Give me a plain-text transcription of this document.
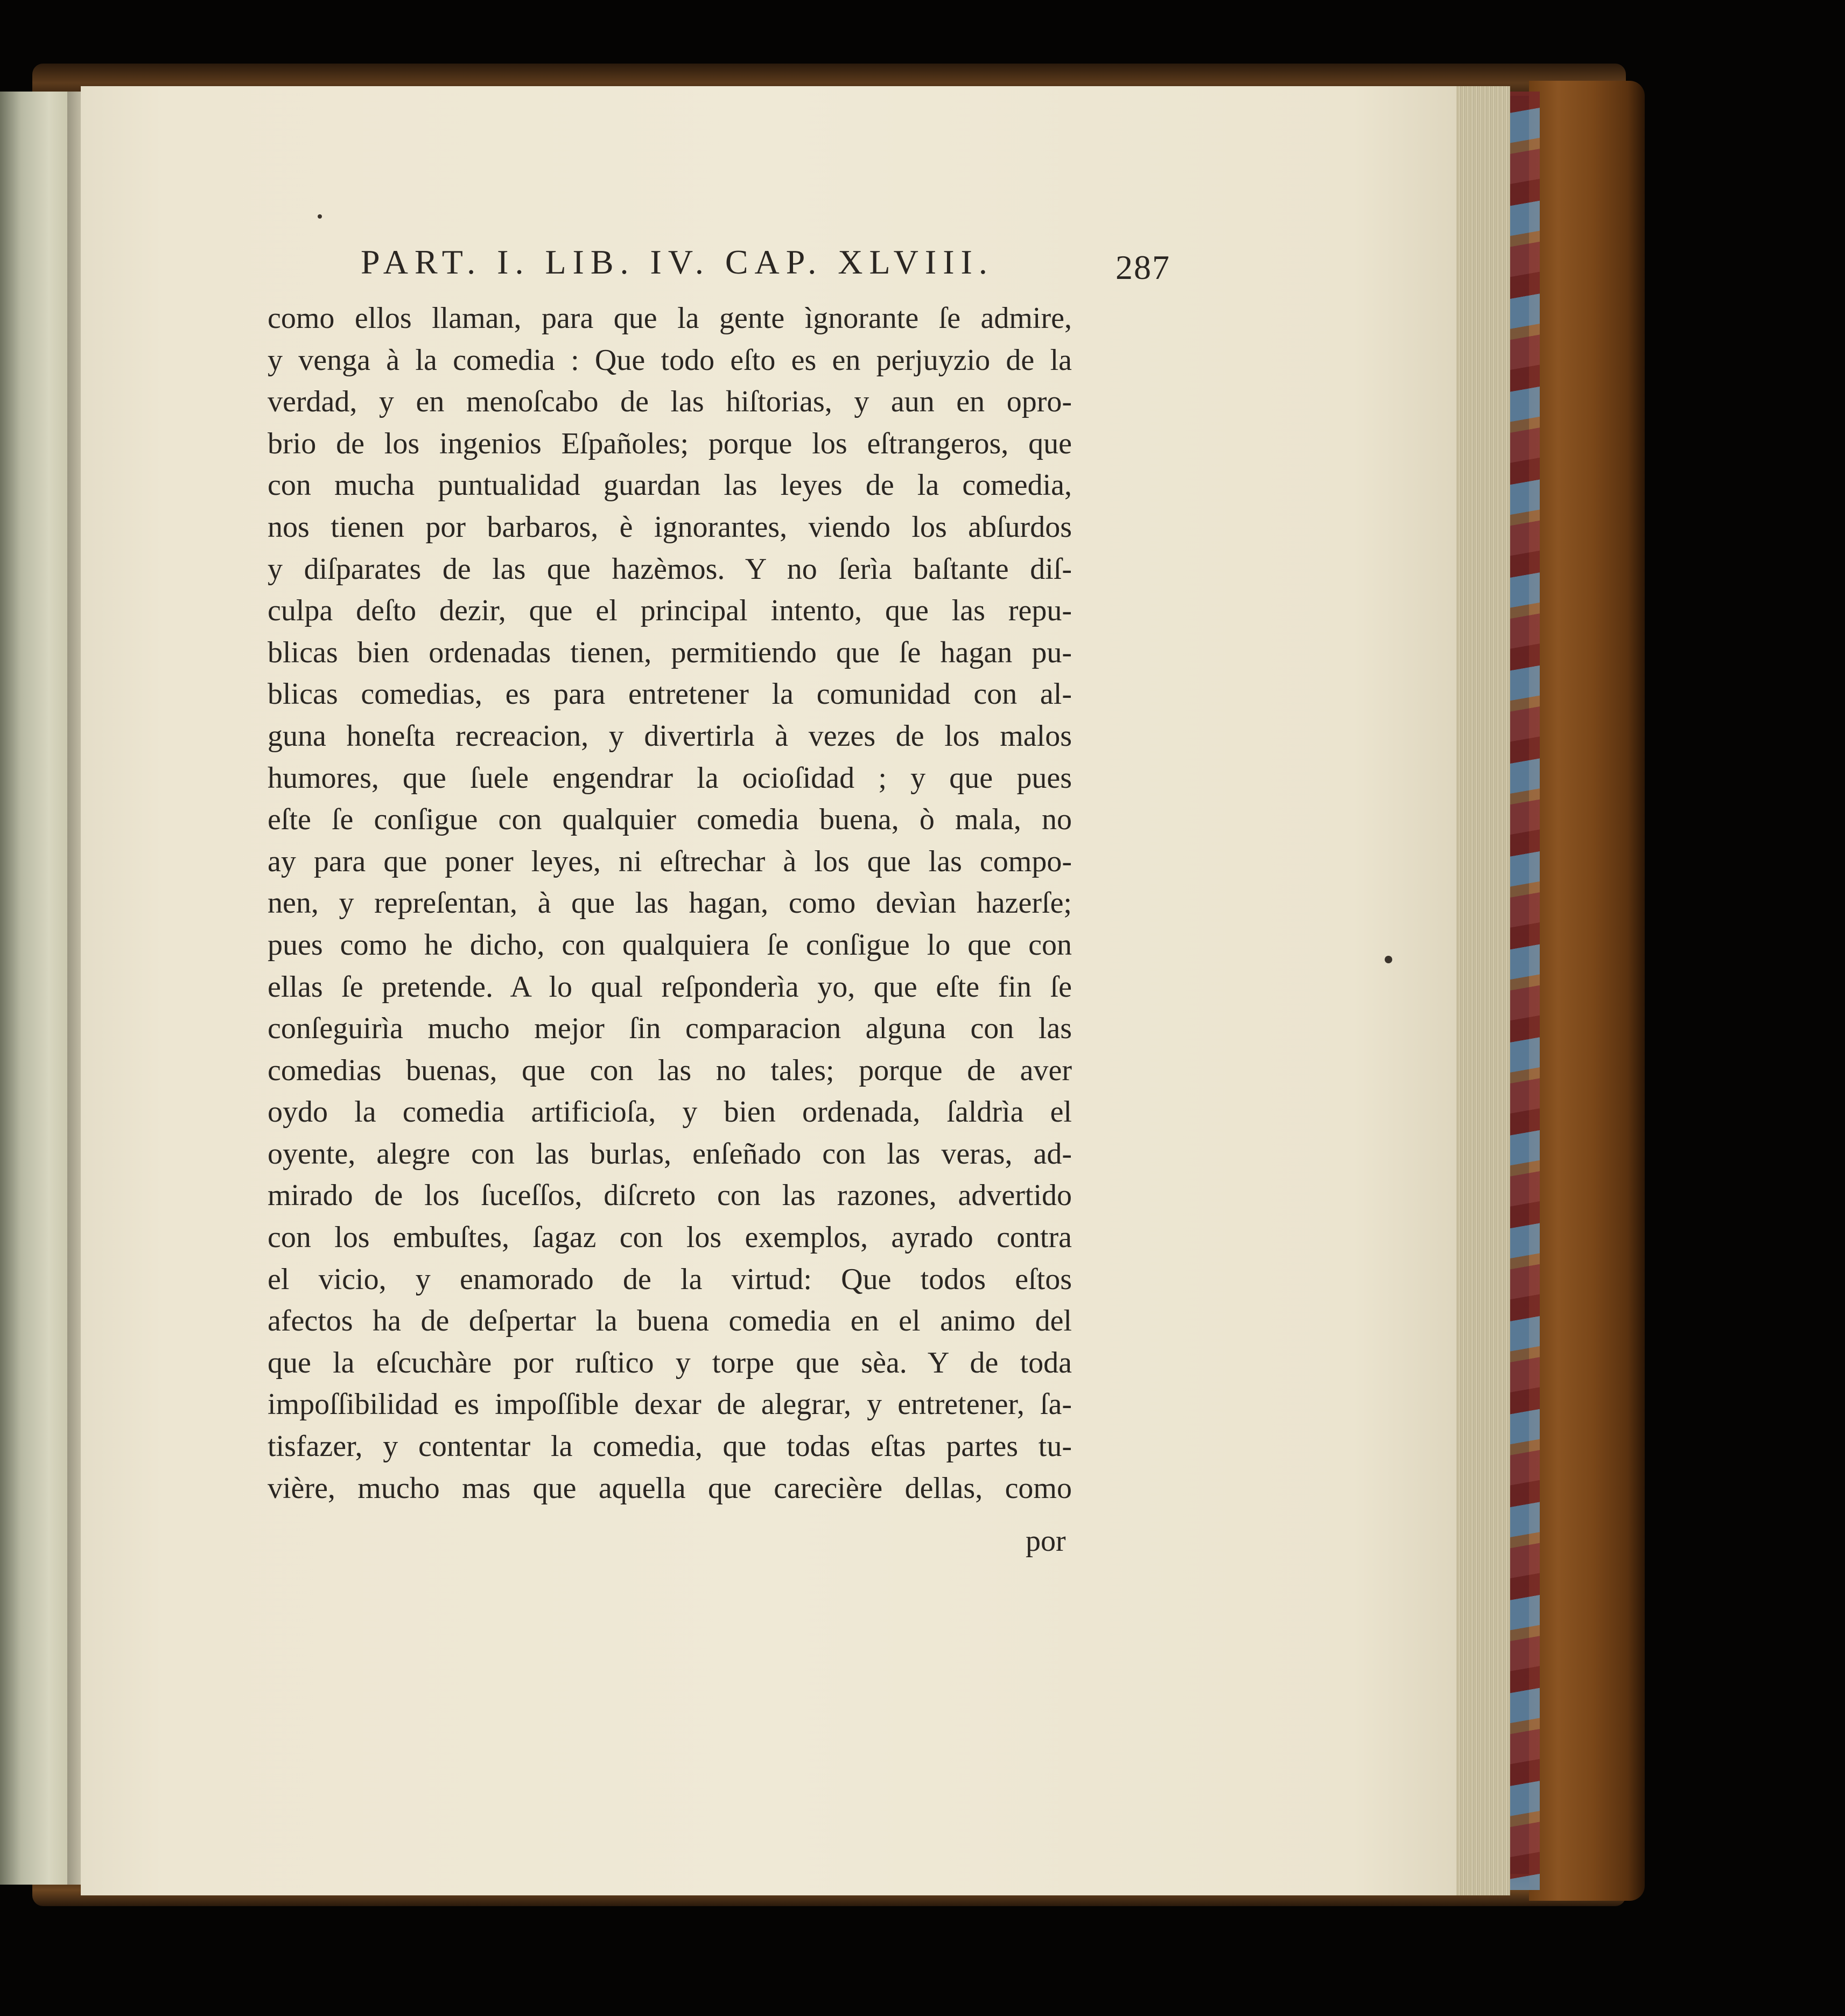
PART. I. LIB. IV. CAP. XLVIII.	287
como ellos llaman, para que la gente ìgnorante ſe admire,
y venga à la comedia : Que todo eſto es en perjuyzio de la
verdad, y en menoſcabo de las hiſtorias, y aun en opro-
brio de los ingenios Eſpañoles; porque los eſtrangeros, que
con mucha puntualidad guardan las leyes de la comedia,
nos tienen por barbaros, è ignorantes, viendo los abſurdos
y diſparates de las que hazèmos. Y no ſerìa baſtante diſ-
culpa deſto dezir, que el principal intento, que las repu-
blicas bien ordenadas tienen, permitiendo que ſe hagan pu-
blicas comedias, es para entretener la comunidad con al-
guna honeſta recreacion, y divertirla à vezes de los malos
humores, que ſuele engendrar la ocioſidad ; y que pues
eſte ſe conſigue con qualquier comedia buena, ò mala, no
ay para que poner leyes, ni eſtrechar à los que las compo-
nen, y repreſentan, à que las hagan, como devìan hazerſe;
pues como he dicho, con qualquiera ſe conſigue lo que con
ellas ſe pretende. A lo qual reſponderìa yo, que eſte fin ſe
conſeguirìa mucho mejor ſin comparacion alguna con las
comedias buenas, que con las no tales; porque de aver
oydo la comedia artificioſa, y bien ordenada, ſaldrìa el
oyente, alegre con las burlas, enſeñado con las veras, ad-
mirado de los ſuceſſos, diſcreto con las razones, advertido
con los embuſtes, ſagaz con los exemplos, ayrado contra
el vicio, y enamorado de la virtud: Que todos eſtos
afectos ha de deſpertar la buena comedia en el animo del
que la eſcuchàre por ruſtico y torpe que sèa. Y de toda
impoſſibilidad es impoſſible dexar de alegrar, y entretener, ſa-
tisfazer, y contentar la comedia, que todas eſtas partes tu-
vière, mucho mas que aquella que carecière dellas, como
por
